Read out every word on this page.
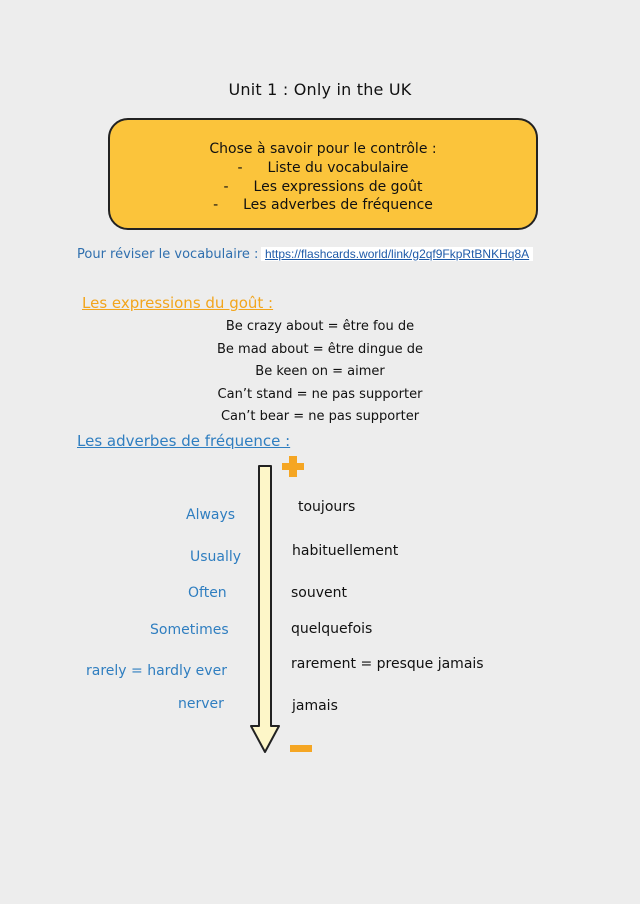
Unit 1 : Only in the UK
Chose à savoir pour le contrôle :
- Liste du vocabulaire
- Les expressions de goût
- Les adverbes de fréquence
Pour réviser le vocabulaire : https://flashcards.world/link/g2qf9FkpRtBNKHq8A
Les expressions du goût :
Be crazy about = être fou de
Be mad about = être dingue de
Be keen on = aimer
Can’t stand = ne pas supporter
Can’t bear = ne pas supporter
Les adverbes de fréquence :
Always	toujours
Usually	habituellement
Often	souvent
Sometimes	quelquefois
rarely = hardly ever	rarement = presque jamais
nerver	jamais
